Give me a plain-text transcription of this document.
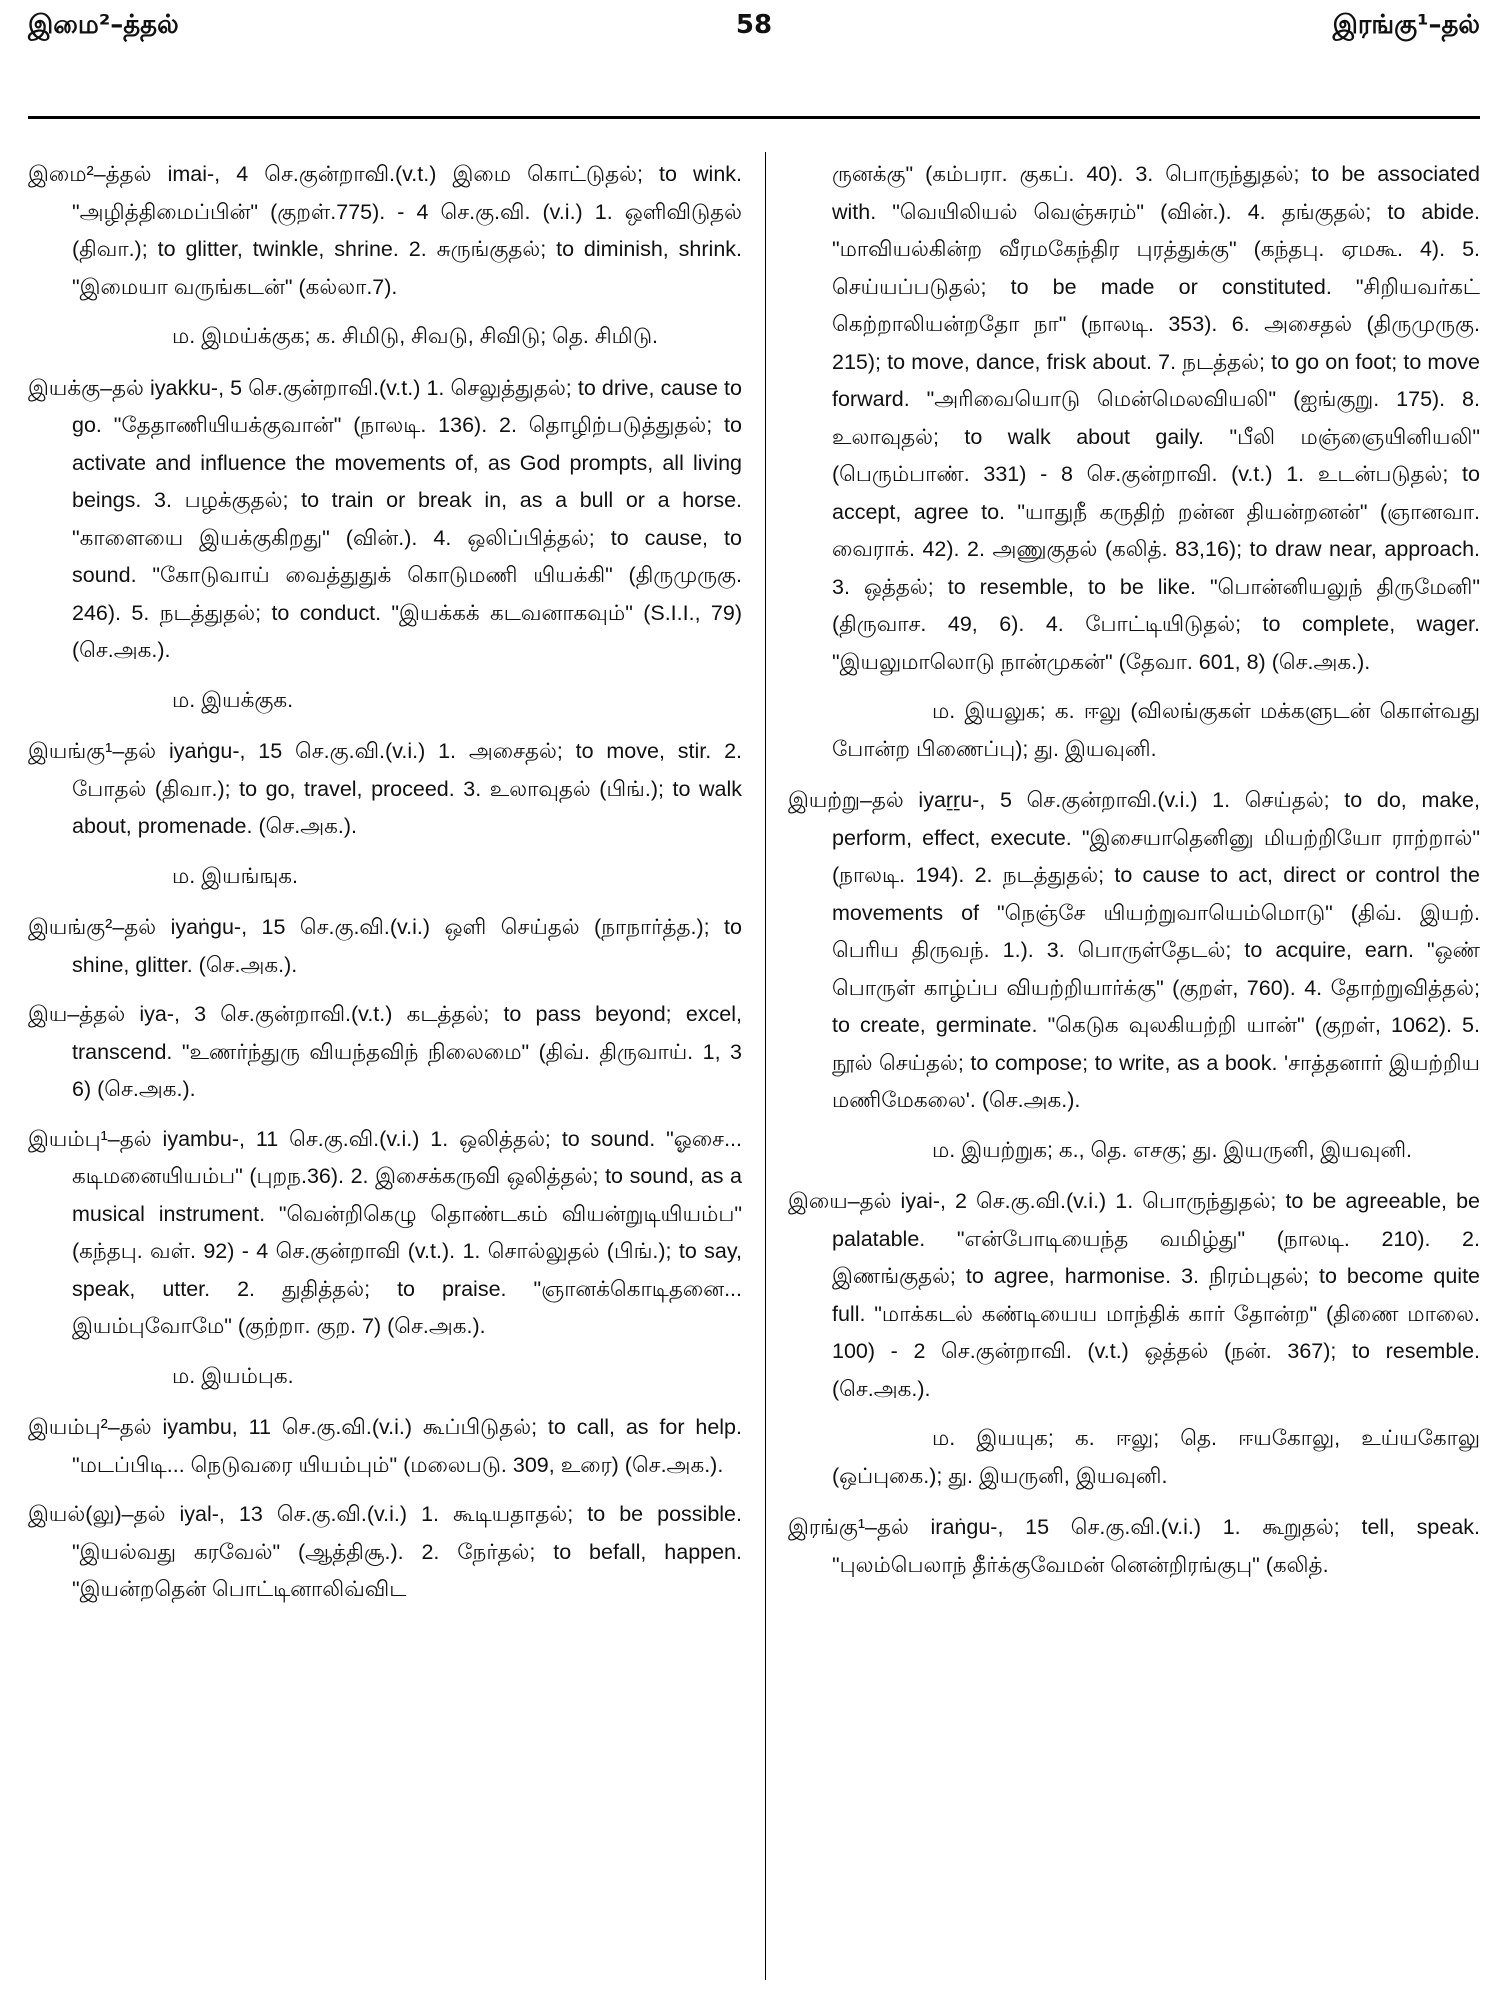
இமை²–த்தல்	58	இரங்கு¹–தல்

இமை²–த்தல் imai-, 4 செ.குன்றாவி.(v.t.) இமை கொட்டுதல்; to wink. "அழித்திமைப்பின்" (குறள்.775). - 4 செ.கு.வி. (v.i.) 1. ஒளிவிடுதல் (திவா.); to glitter, twinkle, shrine. 2. சுருங்குதல்; to diminish, shrink. "இமையா வருங்கடன்" (கல்லா.7).

ம. இமய்க்குக; க. சிமிடு, சிவடு, சிவிடு; தெ. சிமிடு.

இயக்கு–தல் iyakku-, 5 செ.குன்றாவி.(v.t.) 1. செலுத்துதல்; to drive, cause to go. "தேதாணியியக்குவான்" (நாலடி. 136). 2. தொழிற்படுத்துதல்; to activate and influence the movements of, as God prompts, all living beings. 3. பழக்குதல்; to train or break in, as a bull or a horse. "காளையை இயக்குகிறது" (வின்.). 4. ஒலிப்பித்தல்; to cause, to sound. "கோடுவாய் வைத்துதுக் கொடுமணி யியக்கி" (திருமுருகு. 246). 5. நடத்துதல்; to conduct. "இயக்கக் கடவனாகவும்" (S.I.I., 79) (செ.அக.).

ம. இயக்குக.

இயங்கு¹–தல் iyaṅgu-, 15 செ.கு.வி.(v.i.) 1. அசைதல்; to move, stir. 2. போதல் (திவா.); to go, travel, proceed. 3. உலாவுதல் (பிங்.); to walk about, promenade. (செ.அக.).

ம. இயங்ஙுக.

இயங்கு²–தல் iyaṅgu-, 15 செ.கு.வி.(v.i.) ஒளி செய்தல் (நாநார்த்த.); to shine, glitter. (செ.அக.).

இய–த்தல் iya-, 3 செ.குன்றாவி.(v.t.) கடத்தல்; to pass beyond; excel, transcend. "உணர்ந்துரு வியந்தவிந் நிலைமை" (திவ். திருவாய். 1, 3 6) (செ.அக.).

இயம்பு¹–தல் iyambu-, 11 செ.கு.வி.(v.i.) 1. ஒலித்தல்; to sound. "ஓசை... கடிமனையியம்ப" (புறந.36). 2. இசைக்கருவி ஒலித்தல்; to sound, as a musical instrument. "வென்றிகெழு தொண்டகம் வியன்றுடியியம்ப" (கந்தபு. வள். 92) - 4 செ.குன்றாவி (v.t.). 1. சொல்லுதல் (பிங்.); to say, speak, utter. 2. துதித்தல்; to praise. "ஞானக்கொடிதனை... இயம்புவோமே" (குற்றா. குற. 7) (செ.அக.).

ம. இயம்புக.

இயம்பு²–தல் iyambu, 11 செ.கு.வி.(v.i.) கூப்பிடுதல்; to call, as for help. "மடப்பிடி... நெடுவரை யியம்பும்" (மலைபடு. 309, உரை) (செ.அக.).

இயல்(லு)–தல் iyal-, 13 செ.கு.வி.(v.i.) 1. கூடியதாதல்; to be possible. "இயல்வது கரவேல்" (ஆத்திசூ.). 2. நேர்தல்; to befall, happen. "இயன்றதென் பொட்டினாலிவ்விட

ருனக்கு" (கம்பரா. குகப். 40). 3. பொருந்துதல்; to be associated with. "வெயிலியல் வெஞ்சுரம்" (வின்.). 4. தங்குதல்; to abide. "மாவியல்கின்ற வீரமகேந்திர புரத்துக்கு" (கந்தபு. ஏமகூ. 4). 5. செய்யப்படுதல்; to be made or constituted. "சிறியவர்கட் கெற்றாலியன்றதோ நா" (நாலடி. 353). 6. அசைதல் (திருமுருகு. 215); to move, dance, frisk about. 7. நடத்தல்; to go on foot; to move forward. "அரிவையொடு மென்மெலவியலி" (ஐங்குறு. 175). 8. உலாவுதல்; to walk about gaily. "பீலி மஞ்ஞையினியலி" (பெரும்பாண். 331) - 8 செ.குன்றாவி. (v.t.) 1. உடன்படுதல்; to accept, agree to. "யாதுநீ கருதிற் றன்ன தியன்றனன்" (ஞானவா. வைராக். 42). 2. அணுகுதல் (கலித். 83,16); to draw near, approach. 3. ஒத்தல்; to resemble, to be like. "பொன்னியலுந் திருமேனி" (திருவாச. 49, 6). 4. போட்டியிடுதல்; to complete, wager. "இயலுமாலொடு நான்முகன்" (தேவா. 601, 8) (செ.அக.).

ம. இயலுக; க. ஈலு (விலங்குகள் மக்களுடன் கொள்வது போன்ற பிணைப்பு); து. இயவுனி.

இயற்று–தல் iyaṟṟu-, 5 செ.குன்றாவி.(v.i.) 1. செய்தல்; to do, make, perform, effect, execute. "இசையாதெனினு மியற்றியோ ராற்றால்" (நாலடி. 194). 2. நடத்துதல்; to cause to act, direct or control the movements of "நெஞ்சே யியற்றுவாயெம்மொடு" (திவ். இயற். பெரிய திருவந். 1.). 3. பொருள்தேடல்; to acquire, earn. "ஒண் பொருள் காழ்ப்ப வியற்றியார்க்கு" (குறள், 760). 4. தோற்றுவித்தல்; to create, germinate. "கெடுக வுலகியற்றி யான்" (குறள், 1062). 5. நூல் செய்தல்; to compose; to write, as a book. 'சாத்தனார் இயற்றிய மணிமேகலை'. (செ.அக.).

ம. இயற்றுக; க., தெ. எசகு; து. இயருனி, இயவுனி.

இயை–தல் iyai-, 2 செ.கு.வி.(v.i.) 1. பொருந்துதல்; to be agreeable, be palatable. "என்போடியைந்த வமிழ்து" (நாலடி. 210). 2. இணங்குதல்; to agree, harmonise. 3. நிரம்புதல்; to become quite full. "மாக்கடல் கண்டியைய மாந்திக் கார் தோன்ற" (திணை மாலை. 100) - 2 செ.குன்றாவி. (v.t.) ஒத்தல் (நன். 367); to resemble. (செ.அக.).

ம. இயயுக; க. ஈலு; தெ. ஈயகோலு, உய்யகோலு (ஒப்புகை.); து. இயருனி, இயவுனி.

இரங்கு¹–தல் iraṅgu-, 15 செ.கு.வி.(v.i.) 1. கூறுதல்; tell, speak. "புலம்பெலாந் தீர்க்குவேமன் னென்றிரங்குபு" (கலித்.
